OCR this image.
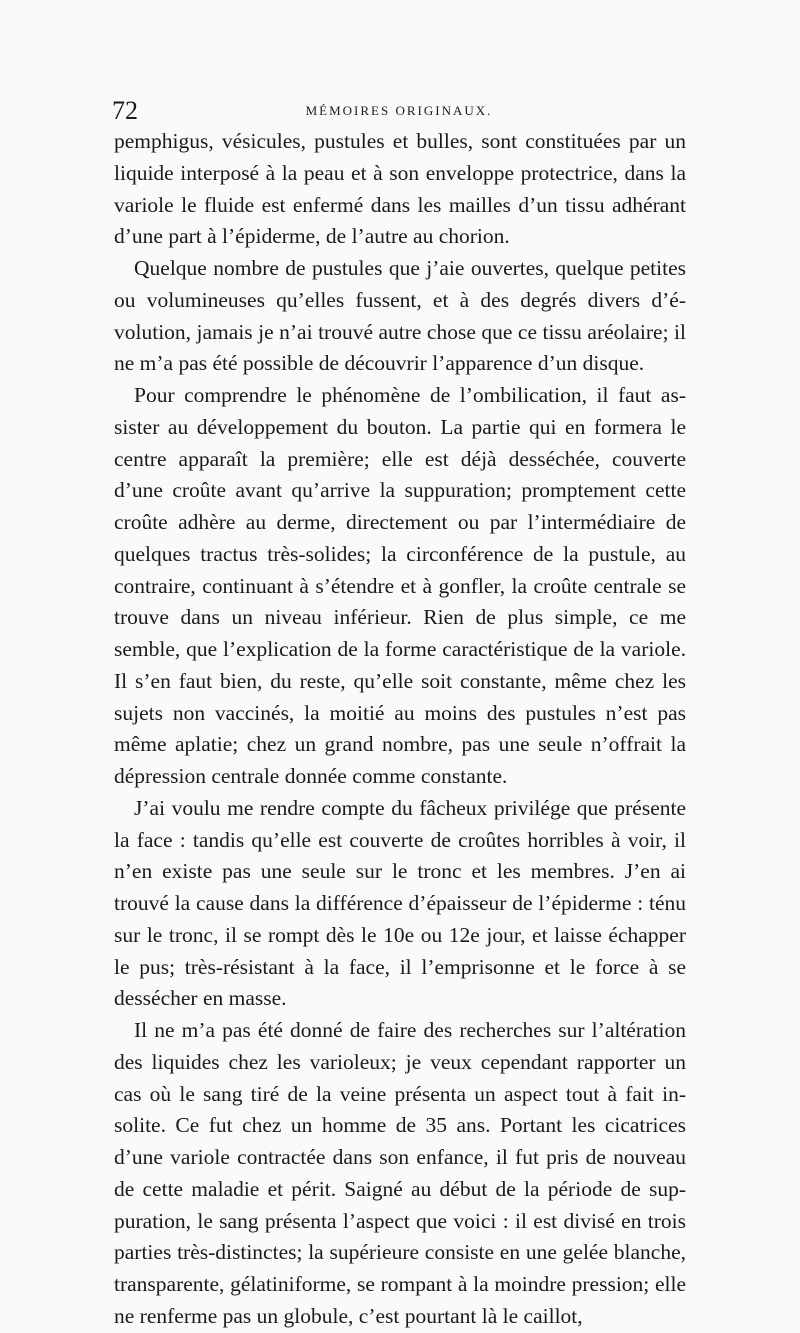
72	MÉMOIRES ORIGINAUX.

pemphigus, vésicules, pustules et bulles, sont constituées par un liquide interposé à la peau et à son enveloppe protectrice, dans la variole le fluide est enfermé dans les mailles d’un tissu adhérant d’une part à l’épiderme, de l’autre au chorion.

Quelque nombre de pustules que j’aie ouvertes, quelque petites ou volumineuses qu’elles fussent, et à des degrés divers d’évolution, jamais je n’ai trouvé autre chose que ce tissu aréolaire; il ne m’a pas été possible de découvrir l’apparence d’un disque.

Pour comprendre le phénomène de l’ombilication, il faut assister au développement du bouton. La partie qui en formera le centre apparaît la première; elle est déjà desséchée, couverte d’une croûte avant qu’arrive la suppuration; promptement cette croûte adhère au derme, directement ou par l’intermédiaire de quelques tractus très-solides; la circonférence de la pustule, au contraire, continuant à s’étendre et à gonfler, la croûte centrale se trouve dans un niveau inférieur. Rien de plus simple, ce me semble, que l’explication de la forme caractéristique de la variole. Il s’en faut bien, du reste, qu’elle soit constante, même chez les sujets non vaccinés, la moitié au moins des pustules n’est pas même aplatie; chez un grand nombre, pas une seule n’offrait la dépression centrale donnée comme constante.

J’ai voulu me rendre compte du fâcheux privilége que présente la face : tandis qu’elle est couverte de croûtes horribles à voir, il n’en existe pas une seule sur le tronc et les membres. J’en ai trouvé la cause dans la différence d’épaisseur de l’épiderme : ténu sur le tronc, il se rompt dès le 10e ou 12e jour, et laisse échapper le pus; très-résistant à la face, il l’emprisonne et le force à se dessécher en masse.

Il ne m’a pas été donné de faire des recherches sur l’altération des liquides chez les varioleux; je veux cependant rapporter un cas où le sang tiré de la veine présenta un aspect tout à fait insolite. Ce fut chez un homme de 35 ans. Portant les cicatrices d’une variole contractée dans son enfance, il fut pris de nouveau de cette maladie et périt. Saigné au début de la période de suppuration, le sang présenta l’aspect que voici : il est divisé en trois parties très-distinctes; la supérieure consiste en une gelée blanche, transparente, gélatiniforme, se rompant à la moindre pression; elle ne renferme pas un globule, c’est pourtant là le caillot,
